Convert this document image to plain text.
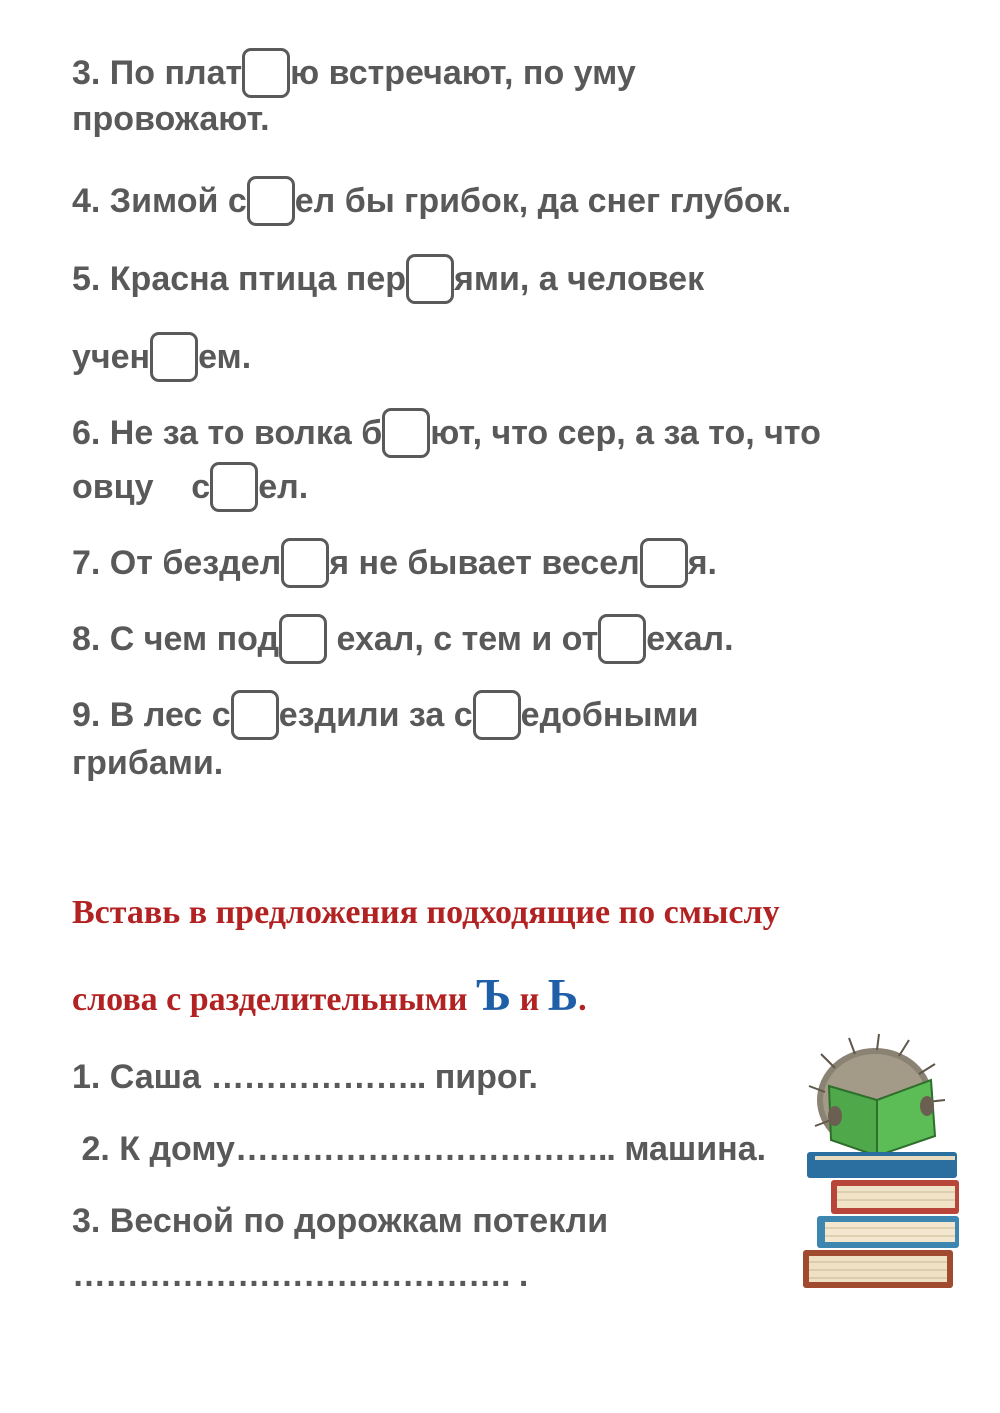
3. По плат ю встречают, по уму
провожают.
4. Зимой с ел бы грибок, да снег глубок.
5. Красна птица пер ями, а человек
учен ем.
6. Не за то волка б ют, что сер, а за то, что
овцу    с ел.
7. От бездел я не бывает весел я.
8. С чем под ехал, с тем и от ехал.
9. В лес с ездили за с едобными
грибами.
Вставь в предложения подходящие по смыслу
слова с разделительными Ъ и Ь.
1. Саша ……………….. пирог.
2. К дому…………………………….. машина.
3. Весной по дорожкам потекли
…………………………………. .
